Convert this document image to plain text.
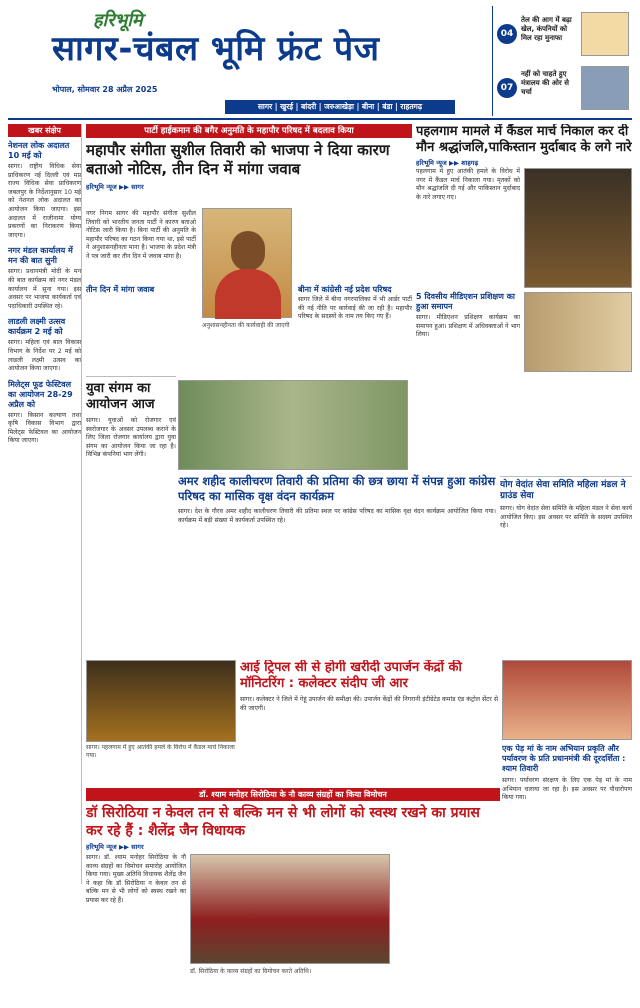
हरिभूमि
सागर-चंबल भूमि फ्रंट पेज
भोपाल, सोमवार 28 अप्रैल 2025
सागर | खुरई | बांदरी | जरुआखेड़ा | बीना | बंडा | राहतगढ़
04
तेल की आग में बढ़ा खेल, कंपनियों को मिल रहा मुनाफा
07
नहीं को चाहते हुए मंत्रालय की ओर से चर्चा
खबर संक्षेप
नेशनल लोक अदालत 10 मई को
सागर। राष्ट्रीय विधिक सेवा प्राधिकरण नई दिल्ली एवं मप्र राज्य विधिक सेवा प्राधिकरण जबलपुर के निर्देशानुसार 10 मई को नेशनल लोक अदालत का आयोजन किया जाएगा। इस अदालत में राजीनामा योग्य प्रकरणों का निराकरण किया जाएगा।
नगर मंडल कार्यालय में मन की बात सुनी
सागर। प्रधानमंत्री मोदी के मन की बात कार्यक्रम को नगर मंडल कार्यालय में सुना गया। इस अवसर पर भाजपा कार्यकर्ता एवं पदाधिकारी उपस्थित रहे।
लाडली लक्ष्मी उत्सव कार्यक्रम 2 मई को
सागर। महिला एवं बाल विकास विभाग के निर्देश पर 2 मई को लाडली लक्ष्मी उत्सव का आयोजन किया जाएगा।
मिलेट्स फूड फेस्टिवल का आयोजन 28-29 अप्रैल को
सागर। किसान कल्याण तथा कृषि विकास विभाग द्वारा मिलेट्स फेस्टिवल का आयोजन किया जाएगा।
पार्टी हाईकमान की बगैर अनुमति के महापौर परिषद में बदलाव किया
महापौर संगीता सुशील तिवारी को भाजपा ने दिया कारण बताओ नोटिस, तीन दिन में मांगा जवाब
हरिभूमि न्यूज ▶▶ सागर
नगर निगम सागर की महापौर संगीता सुशील तिवारी को भारतीय जनता पार्टी ने कारण बताओ नोटिस जारी किया है। बिना पार्टी की अनुमति के महापौर परिषद का गठन किया गया था, इसे पार्टी ने अनुशासनहीनता माना है। भाजपा के प्रदेश मंत्री ने पत्र जारी कर तीन दिन में जवाब मांगा है।
तीन दिन में मांगा जवाब
अनुशासनहीनता की कार्यवाही की जाएगी
बीना में कांग्रेसी नई प्रदेश परिषद
सागर जिले में बीना नगरपालिका में भी आर्डर पार्टी की नई नीति पर कार्रवाई की जा रही है। महापौर परिषद के सदस्यों के नाम तय किए गए हैं।
युवा संगम का आयोजन आज
सागर। युवाओं को रोजगार एवं स्वरोजगार के अवसर उपलब्ध कराने के लिए जिला रोजगार कार्यालय द्वारा युवा संगम का आयोजन किया जा रहा है। विभिन्न कंपनियां भाग लेंगी।
अमर शहीद कालीचरण तिवारी की प्रतिमा की छत्र छाया में संपन्न हुआ कांग्रेस परिषद का मासिक वृक्ष वंदन कार्यक्रम
सागर। देश के गौरव अमर शहीद कालीचरण तिवारी की प्रतिमा स्थल पर कांग्रेस परिषद का मासिक वृक्ष वंदन कार्यक्रम आयोजित किया गया। कार्यक्रम में बड़ी संख्या में कार्यकर्ता उपस्थित रहे।
पहलगाम मामले में कैंडल मार्च निकाल कर दी मौन श्रद्धांजलि,पाकिस्तान मुर्दाबाद के लगे नारे
हरिभूमि न्यूज ▶▶ शाहगढ़
पहलगाम में हुए आतंकी हमले के विरोध में नगर में कैंडल मार्च निकाला गया। मृतकों को मौन श्रद्धांजलि दी गई और पाकिस्तान मुर्दाबाद के नारे लगाए गए।
5 दिवसीय मीडिएशन प्रशिक्षण का हुआ समापन
सागर। मीडिएशन प्रशिक्षण कार्यक्रम का समापन हुआ। प्रशिक्षण में अधिवक्ताओं ने भाग लिया।
योग वेदांत सेवा समिति महिला मंडल ने ग्राउंड सेवा
सागर। योग वेदांत सेवा समिति के महिला मंडल ने सेवा कार्य आयोजित किए। इस अवसर पर समिति के सदस्य उपस्थित रहे।
सागर। पहलगाम में हुए आतंकी हमले के विरोध में कैंडल मार्च निकाला गया।
आई ट्रिपल सी से होगी खरीदी उपार्जन केंद्रों की मॉनिटरिंग : कलेक्टर संदीप जी आर
सागर। कलेक्टर ने जिले में गेहूं उपार्जन की समीक्षा की। उपार्जन केंद्रों की निगरानी इंटीग्रेटेड कमांड एंड कंट्रोल सेंटर से की जाएगी।
एक पेड़ मां के नाम अभियान प्रकृति और पर्यावरण के प्रति प्रधानमंत्री की दूरदर्शिता : श्याम तिवारी
सागर। पर्यावरण संरक्षण के लिए एक पेड़ मां के नाम अभियान चलाया जा रहा है। इस अवसर पर पौधारोपण किया गया।
डॉ. श्याम मनोहर सिरोठिया के नौ काव्य संग्रहों का किया विमोचन
डॉ सिरोठिया न केवल तन से बल्कि मन से भी लोगों को स्वस्थ रखने का प्रयास कर रहे हैं : शैलेंद्र जैन विधायक
हरिभूमि न्यूज ▶▶ सागर
सागर। डॉ. श्याम मनोहर सिरोठिया के नौ काव्य संग्रहों का विमोचन समारोह आयोजित किया गया। मुख्य अतिथि विधायक शैलेंद्र जैन ने कहा कि डॉ सिरोठिया न केवल तन से बल्कि मन से भी लोगों को स्वस्थ रखने का प्रयास कर रहे हैं।
डॉ. सिरोठिया के काव्य संग्रहों का विमोचन करते अतिथि।
